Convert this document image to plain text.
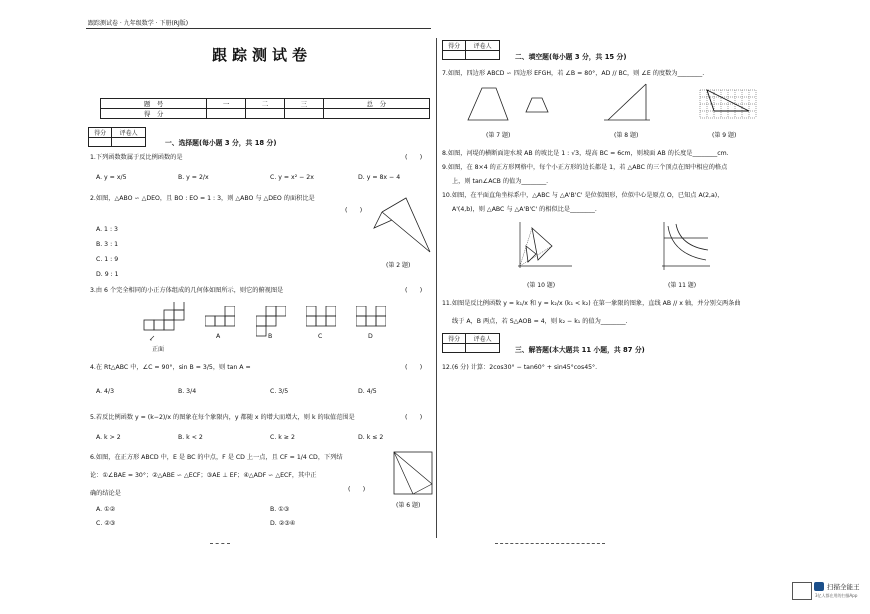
跟踪测试卷 · 九年级数学 · 下册(RJ版)
跟踪测试卷
题　号	一	二	三	总　分
得　分				
得分	评卷人

一、选择题(每小题 3 分，共 18 分)
1.下列函数数属于反比例函数的是	(　　)
A. y = x/5	B. y = 2/x	C. y = x² − 2x	D. y = 8x − 4
2.如图，△ABO ∽ △DEO，且 BO : EO = 1 : 3，则 △ABO 与 △DEO 的面积比是
(　　)
A. 1 : 3
B. 3 : 1
C. 1 : 9
D. 9 : 1
(第 2 题)
3.由 6 个完全相同的小正方体组成的几何体如图所示，则它的俯视图是	(　　)
正面
A	B	C	D
4.在 Rt△ABC 中，∠C = 90°，sin B = 3/5，则 tan A =	(　　)
A. 4/3	B. 3/4	C. 3/5	D. 4/5
5.若反比例函数 y = (k−2)/x 的图象在每个象限内，y 都随 x 的增大而增大，则 k 的取值范围是	(　　)
A. k > 2	B. k < 2	C. k ≥ 2	D. k ≤ 2
6.如图，在正方形 ABCD 中，E 是 BC 的中点，F 是 CD 上一点，且 CF = 1/4 CD，下列结
论：①∠BAE = 30°；②△ABE ∽ △ECF；③AE ⊥ EF；④△ADF ∽ △ECF，其中正
确的结论是
(　　)
A. ①②	B. ①③
C. ②③	D. ②③④
(第 6 题)
得分	评卷人

二、填空题(每小题 3 分，共 15 分)
7.如图，四边形 ABCD ∽ 四边形 EFGH，若 ∠B = 80°，AD // BC，则 ∠E 的度数为________.
(第 7 题)	(第 8 题)	(第 9 题)
8.如图，河堤的横断面迎水坡 AB 的坡比是 1 : √3，堤高 BC = 6cm，则坡面 AB 的长度是________cm.
9.如图，在 8×4 的正方形网格中，每个小正方形的边长都是 1，若 △ABC 的三个顶点在图中相应的格点
上，则 tan∠ACB 的值为________.
10.如图，在平面直角坐标系中，△ABC 与 △A'B'C' 是位似图形，位似中心是原点 O，已知点 A(2,a)，
A'(4,b)，则 △ABC 与 △A'B'C' 的相似比是________.
(第 10 题)	(第 11 题)
11.如图是反比例函数 y = k₁/x 和 y = k₂/x (k₁ < k₂) 在第一象限的图象，直线 AB // x 轴，并分别交两条曲
线于 A，B 两点，若 S△AOB = 4，则 k₂ − k₁ 的值为________.
得分	评卷人

三、解答题(本大题共 11 小题，共 87 分)
12.(6 分) 计算：2cos30° − tan60° + sin45°cos45°.
扫描全能王
3亿人都在用的扫描App
